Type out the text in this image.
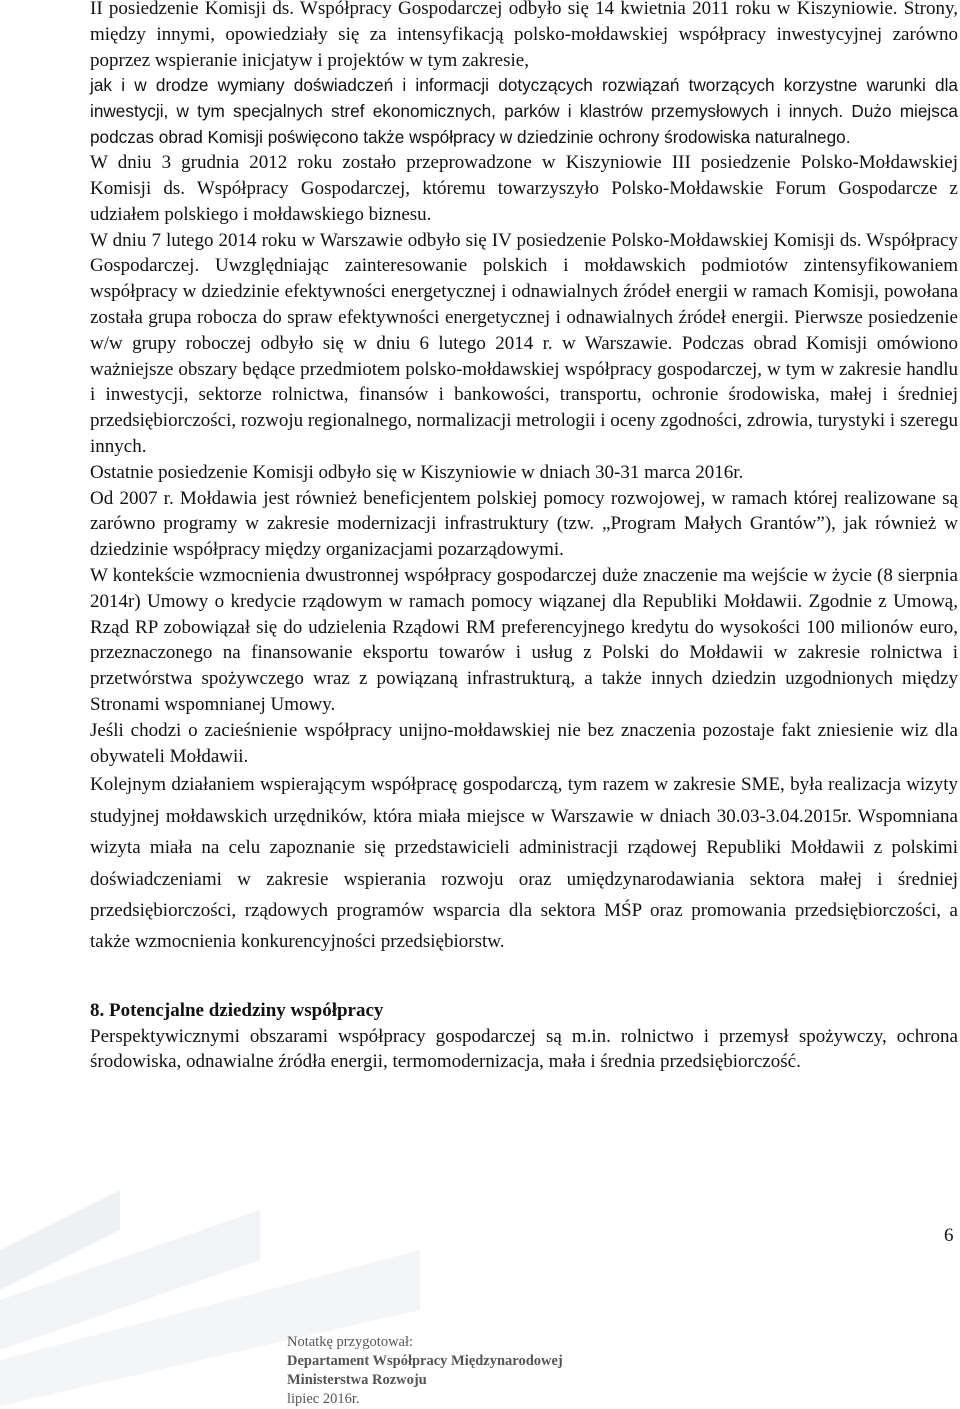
II posiedzenie Komisji ds. Współpracy Gospodarczej odbyło się 14 kwietnia 2011 roku w Kiszyniowie. Strony, między innymi, opowiedziały się za intensyfikacją polsko-mołdawskiej współpracy inwestycyjnej zarówno poprzez wspieranie inicjatyw i projektów w tym zakresie,

jak i w drodze wymiany doświadczeń i informacji dotyczących rozwiązań tworzących korzystne warunki dla inwestycji, w tym specjalnych stref ekonomicznych, parków i klastrów przemysłowych i innych. Dużo miejsca podczas obrad Komisji poświęcono także współpracy w dziedzinie ochrony środowiska naturalnego.

W dniu 3 grudnia 2012 roku zostało przeprowadzone w Kiszyniowie III posiedzenie Polsko-Mołdawskiej Komisji ds. Współpracy Gospodarczej, któremu towarzyszyło Polsko-Mołdawskie Forum Gospodarcze z udziałem polskiego i mołdawskiego biznesu.

W dniu 7 lutego 2014 roku w Warszawie odbyło się IV posiedzenie Polsko-Mołdawskiej Komisji ds. Współpracy Gospodarczej. Uwzględniając zainteresowanie polskich i mołdawskich podmiotów zintensyfikowaniem współpracy w dziedzinie efektywności energetycznej i odnawialnych źródeł energii w ramach Komisji, powołana została grupa robocza do spraw efektywności energetycznej i odnawialnych źródeł energii. Pierwsze posiedzenie w/w grupy roboczej odbyło się w dniu 6 lutego 2014 r. w Warszawie. Podczas obrad Komisji omówiono ważniejsze obszary będące przedmiotem polsko-mołdawskiej współpracy gospodarczej, w tym w zakresie handlu i inwestycji, sektorze rolnictwa, finansów i bankowości, transportu, ochronie środowiska, małej i średniej przedsiębiorczości, rozwoju regionalnego, normalizacji metrologii i oceny zgodności, zdrowia, turystyki i szeregu innych.

Ostatnie posiedzenie Komisji odbyło się w Kiszyniowie w dniach 30-31 marca 2016r.

Od 2007 r. Mołdawia jest również beneficjentem polskiej pomocy rozwojowej, w ramach której realizowane są zarówno programy w zakresie modernizacji infrastruktury (tzw. „Program Małych Grantów”), jak również w dziedzinie współpracy między organizacjami pozarządowymi.

W kontekście wzmocnienia dwustronnej współpracy gospodarczej duże znaczenie ma wejście w życie (8 sierpnia 2014r) Umowy o kredycie rządowym w ramach pomocy wiązanej dla Republiki Mołdawii. Zgodnie z Umową, Rząd RP zobowiązał się do udzielenia Rządowi RM preferencyjnego kredytu do wysokości 100 milionów euro, przeznaczonego na finansowanie eksportu towarów i usług z Polski do Mołdawii w zakresie rolnictwa i przetwórstwa spożywczego wraz z powiązaną infrastrukturą, a także innych dziedzin uzgodnionych między Stronami wspomnianej Umowy.

Jeśli chodzi o zacieśnienie współpracy unijno-mołdawskiej nie bez znaczenia pozostaje fakt zniesienie wiz dla obywateli Mołdawii.

Kolejnym działaniem wspierającym współpracę gospodarczą, tym razem w zakresie SME, była realizacja wizyty studyjnej mołdawskich urzędników, która miała miejsce w Warszawie w dniach 30.03-3.04.2015r. Wspomniana wizyta miała na celu zapoznanie się przedstawicieli administracji rządowej Republiki Mołdawii z polskimi doświadczeniami w zakresie wspierania rozwoju oraz umiędzynarodawiania sektora małej i średniej przedsiębiorczości, rządowych programów wsparcia dla sektora MŚP oraz promowania przedsiębiorczości, a także wzmocnienia konkurencyjności przedsiębiorstw.

8. Potencjalne dziedziny współpracy

Perspektywicznymi obszarami współpracy gospodarczej są m.in. rolnictwo i przemysł spożywczy, ochrona środowiska, odnawialne źródła energii, termomodernizacja, mała i średnia przedsiębiorczość.

6
Notatkę przygotował:
Departament Współpracy Międzynarodowej
Ministerstwa Rozwoju
lipiec 2016r.
